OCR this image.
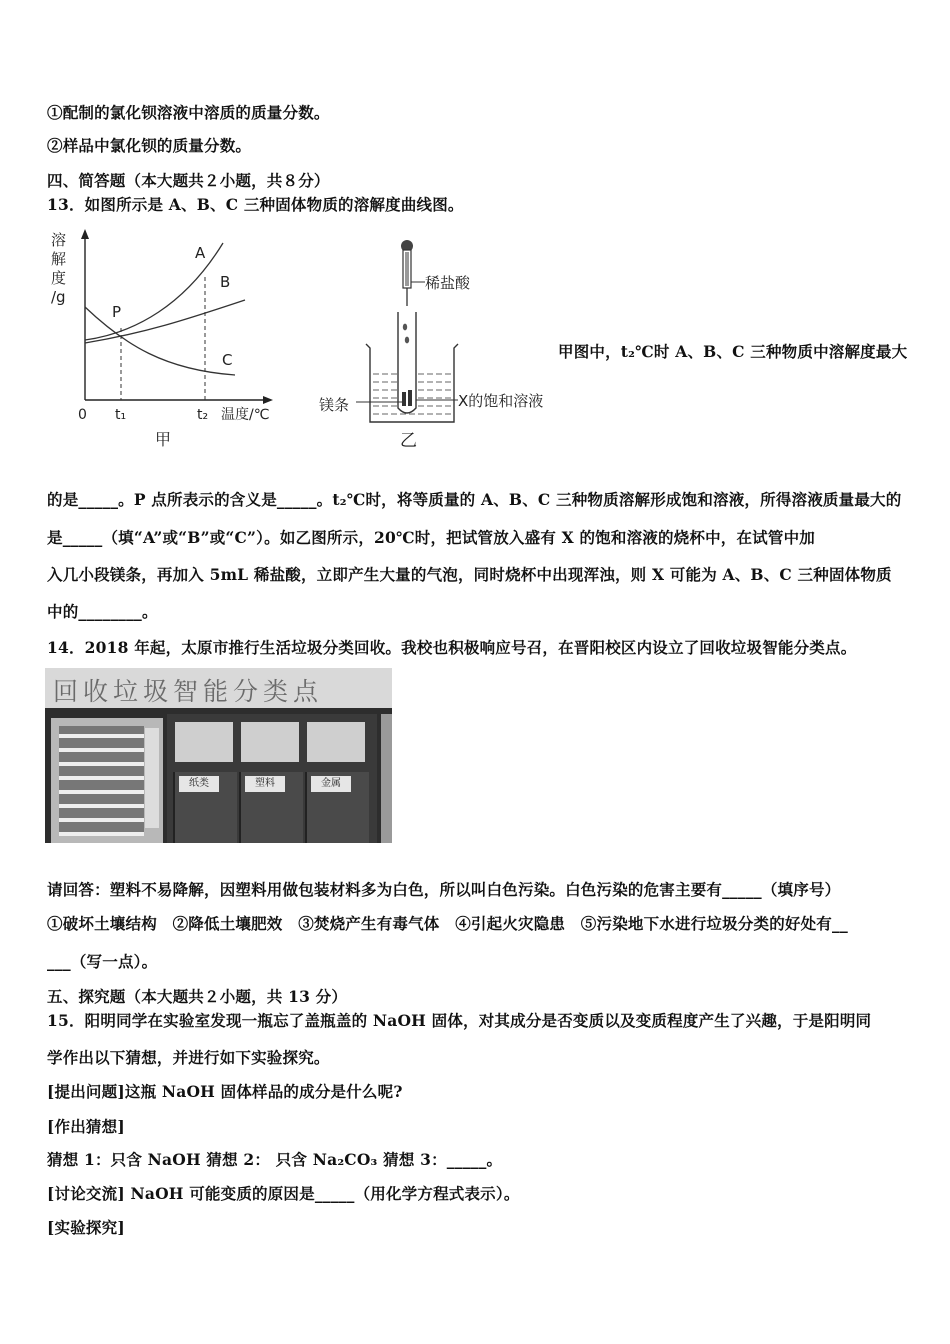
①配制的氯化钡溶液中溶质的质量分数。
②样品中氯化钡的质量分数。
四、简答题（本大题共２小题，共８分）
13．如图所示是 A、B、C 三种固体物质的溶解度曲线图。
溶
解
度
/g
A
B
C
P
0 t₁	t₂ 温度/℃
甲
稀盐酸
镁条	X的饱和溶液
乙
甲图中，t₂℃时 A、B、C 三种物质中溶解度最大
的是_____。P 点所表示的含义是_____。t₂℃时，将等质量的 A、B、C 三种物质溶解形成饱和溶液，所得溶液质量最大的
是_____（填“A”或“B”或“C”）。如乙图所示，20℃时，把试管放入盛有 X 的饱和溶液的烧杯中，在试管中加
入几小段镁条，再加入 5mL 稀盐酸，立即产生大量的气泡，同时烧杯中出现浑浊，则 X 可能为 A、B、C 三种固体物质
中的________。
14．2018 年起，太原市推行生活垃圾分类回收。我校也积极响应号召，在晋阳校区内设立了回收垃圾智能分类点。
回收垃圾智能分类点
纸类	塑料	金属
请回答：塑料不易降解，因塑料用做包装材料多为白色，所以叫白色污染。白色污染的危害主要有_____（填序号）
①破坏土壤结构　②降低土壤肥效　③焚烧产生有毒气体　④引起火灾隐患　⑤污染地下水进行垃圾分类的好处有__
___（写一点）。
五、探究题（本大题共２小题，共 13 分）
15．阳明同学在实验室发现一瓶忘了盖瓶盖的 NaOH 固体，对其成分是否变质以及变质程度产生了兴趣，于是阳明同
学作出以下猜想，并进行如下实验探究。
[提出问题]这瓶 NaOH 固体样品的成分是什么呢?
[作出猜想]
猜想 1：只含 NaOH 猜想 2： 只含 Na₂CO₃ 猜想 3：_____。
[讨论交流] NaOH 可能变质的原因是_____（用化学方程式表示）。
[实验探究]
